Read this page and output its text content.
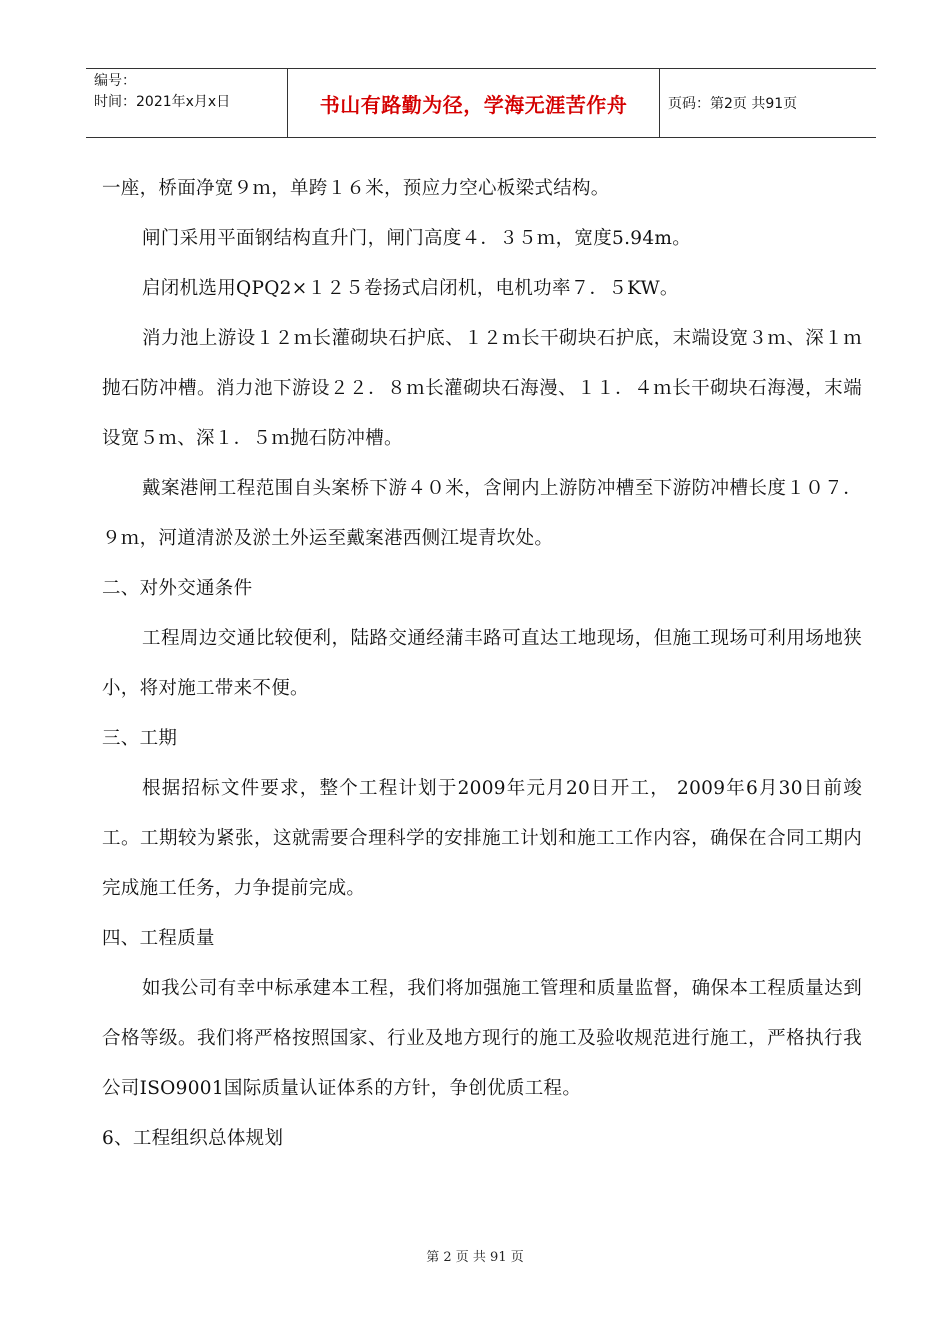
编号：
时间：2021年x月x日	书山有路勤为径，学海无涯苦作舟	页码：第2页 共91页

一座，桥面净宽９ｍ，单跨１６米，预应力空心板梁式结构。

闸门采用平面钢结构直升门，闸门高度４．３５ｍ，宽度5.94m。

启闭机选用QPQ2×１２５卷扬式启闭机，电机功率７．５KW。

消力池上游设１２ｍ长灌砌块石护底、１２ｍ长干砌块石护底，末端设宽３ｍ、深１ｍ抛石防冲槽。消力池下游设２２．８ｍ长灌砌块石海漫、１１．４ｍ长干砌块石海漫，末端设宽５ｍ、深１．５ｍ抛石防冲槽。

戴案港闸工程范围自头案桥下游４０米，含闸内上游防冲槽至下游防冲槽长度１０７．９ｍ，河道清淤及淤土外运至戴案港西侧江堤青坎处。

二、对外交通条件

工程周边交通比较便利，陆路交通经蒲丰路可直达工地现场，但施工现场可利用场地狭小，将对施工带来不便。

三、工期

根据招标文件要求，整个工程计划于2009年元月20日开工， 2009年6月30日前竣工。工期较为紧张，这就需要合理科学的安排施工计划和施工工作内容，确保在合同工期内完成施工任务，力争提前完成。

四、工程质量

如我公司有幸中标承建本工程，我们将加强施工管理和质量监督，确保本工程质量达到合格等级。我们将严格按照国家、行业及地方现行的施工及验收规范进行施工，严格执行我公司ISO9001国际质量认证体系的方针，争创优质工程。

6、工程组织总体规划

第 2 页 共 91 页
